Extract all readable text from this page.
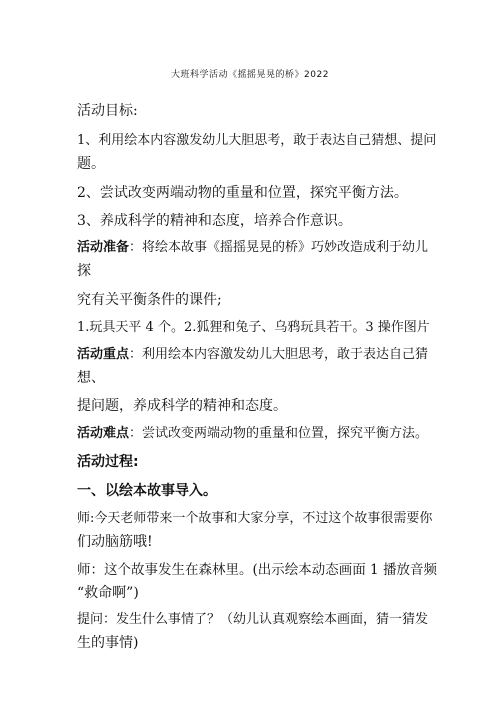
大班科学活动《摇摇晃晃的桥》2022
活动目标:
1、利用绘本内容激发幼儿大胆思考，敢于表达自己猜想、提问
题。
2、尝试改变两端动物的重量和位置，探究平衡方法。
3、养成科学的精神和态度，培养合作意识。
活动准备：将绘本故事《摇摇晃晃的桥》巧妙改造成利于幼儿
探
究有关平衡条件的课件;
1.玩具天平 4 个。2.狐狸和兔子、乌鸦玩具若干。3 操作图片
活动重点：利用绘本内容激发幼儿大胆思考，敢于表达自己猜
想、
提问题，养成科学的精神和态度。
活动难点：尝试改变两端动物的重量和位置，探究平衡方法。
活动过程:
一、以绘本故事导入。
师:今天老师带来一个故事和大家分享，不过这个故事很需要你
们动脑筋哦!
师：这个故事发生在森林里。(出示绘本动态画面 1 播放音频
“救命啊”)
提问：发生什么事情了？（幼儿认真观察绘本画面，猜一猜发
生的事情)
